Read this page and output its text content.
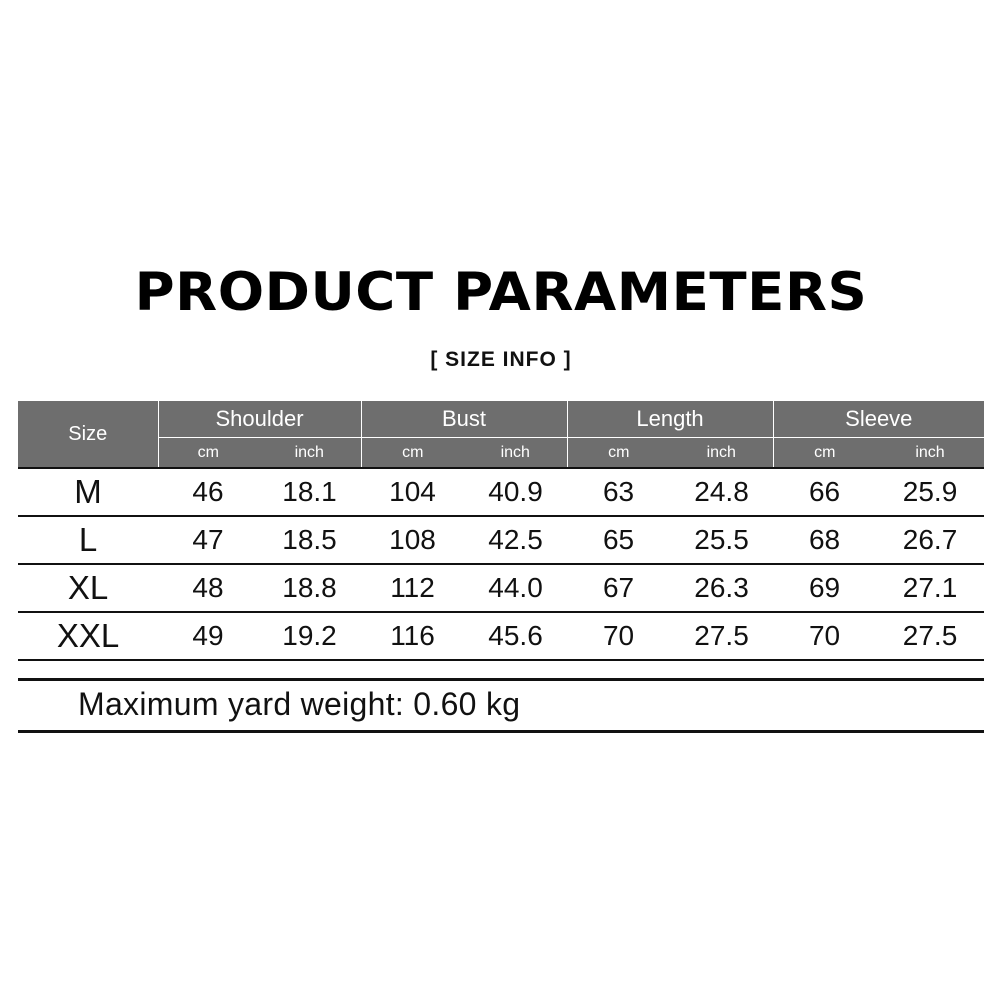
PRODUCT PARAMETERS
[ SIZE INFO ]
Size	Shoulder		Bust		Length		Sleeve	
	cm	inch	cm	inch	cm	inch	cm	inch
M	46	18.1	104	40.9	63	24.8	66	25.9
L	47	18.5	108	42.5	65	25.5	68	26.7
XL	48	18.8	112	44.0	67	26.3	69	27.1
XXL	49	19.2	116	45.6	70	27.5	70	27.5
Maximum yard weight: 0.60 kg
